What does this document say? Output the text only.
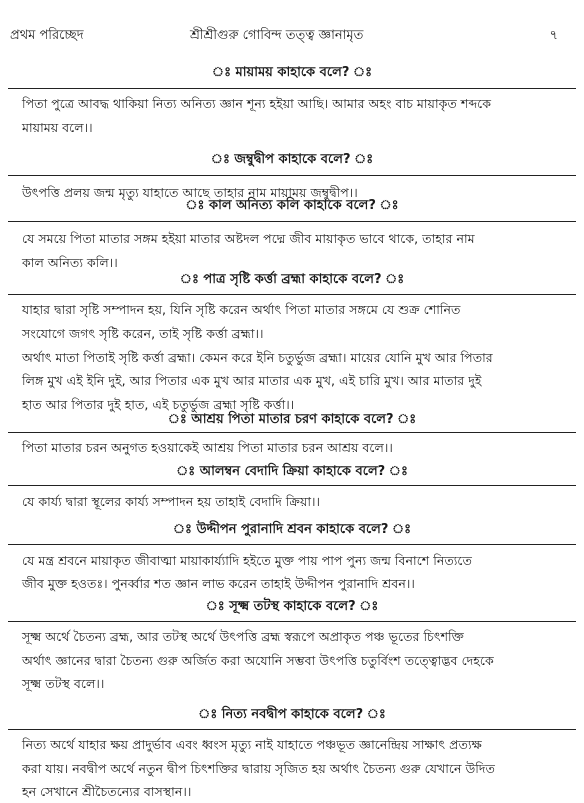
প্রথম পরিচ্ছেদ	শ্রীশ্রীগুরু গোবিন্দ তত্ত্ব জ্ঞানামৃত	৭
ঃ মায়াময় কাহাকে বলে? ঃ
পিতা পুত্রে আবদ্ধ থাকিয়া নিত্য অনিত্য জ্ঞান শূন্য হইয়া আছি। আমার অহং বাচ মায়াকৃত শব্দকে
মায়াময় বলে।।
ঃ জম্বুদ্বীপ কাহাকে বলে? ঃ
উৎপত্তি প্রলয় জন্ম মৃত্যু যাহাতে আছে তাহার নাম মায়াময় জম্বুদ্বীপ।।
ঃ কাল অনিত্য কলি কাহাকে বলে? ঃ
যে সময়ে পিতা মাতার সঙ্গম হইয়া মাতার অষ্টদল পদ্মে জীব মায়াকৃত ভাবে থাকে, তাহার নাম
কাল অনিত্য কলি।।
ঃ পাত্র সৃষ্টি কর্ত্তা ব্রহ্মা কাহাকে বলে? ঃ
যাহার দ্বারা সৃষ্টি সম্পাদন হয়, যিনি সৃষ্টি করেন অর্থাৎ পিতা মাতার সঙ্গমে যে শুক্র শোনিত
সংযোগে জগৎ সৃষ্টি করেন, তাই সৃষ্টি কর্ত্তা ব্রহ্মা।।
অর্থাৎ মাতা পিতাই সৃষ্টি কর্ত্তা ব্রহ্মা। কেমন করে ইনি চতুর্ভুজ ব্রহ্মা। মায়ের যোনি মুখ আর পিতার
লিঙ্গ মুখ এই ইনি দুই, আর পিতার এক মুখ আর মাতার এক মুখ, এই চারি মুখ। আর মাতার দুই
হাত আর পিতার দুই হাত, এই চতুর্ভুজ ব্রহ্মা সৃষ্টি কর্ত্তা।।
ঃ আশ্রয় পিতা মাতার চরণ কাহাকে বলে? ঃ
পিতা মাতার চরন অনুগত হওয়াকেই আশ্রয় পিতা মাতার চরন আশ্রয় বলে।।
ঃ আলম্বন বেদাদি ক্রিয়া কাহাকে বলে? ঃ
যে কার্য্য দ্বারা স্থূলের কার্য্য সম্পাদন হয় তাহাই বেদাদি ক্রিয়া।।
ঃ উদ্দীপন পুরানাদি শ্রবন কাহাকে বলে? ঃ
যে মন্ত্র শ্রবনে মায়াকৃত জীবাত্মা মায়াকার্য্যাদি হইতে মুক্ত পায় পাপ পুন্য জন্ম বিনাশে নিত্যতে
জীব মুক্ত হওতঃ। পুনর্ব্বার শত জ্ঞান লাভ করেন তাহাই উদ্দীপন পুরানাদি শ্রবন।।
ঃ সূক্ষ্ম তটস্থ কাহাকে বলে? ঃ
সূক্ষ্ম অর্থে চৈতন্য ব্রহ্ম, আর তটস্থ অর্থে উৎপত্তি ব্রহ্ম স্বরূপে অপ্রাকৃত পঞ্চ ভূতের চিৎশক্তি
অর্থাৎ জ্ঞানের দ্বারা চৈতন্য গুরু অর্জিত করা অযোনি সম্ভবা উৎপত্তি চতুর্বিংশ তত্ত্বোদ্ভব দেহকে
সূক্ষ্ম তটস্থ বলে।।
ঃ নিত্য নবদ্বীপ কাহাকে বলে? ঃ
নিত্য অর্থে যাহার ক্ষয় প্রাদুর্ভাব এবং ধ্বংস মৃত্যু নাই যাহাতে পঞ্চভূত জ্ঞানেন্দ্রিয় সাক্ষাৎ প্রত্যক্ষ
করা যায়। নবদ্বীপ অর্থে নতুন দ্বীপ চিৎশক্তির দ্বারায় সৃজিত হয় অর্থাৎ চৈতন্য গুরু যেখানে উদিত
হন সেখানে শ্রীচৈতন্যের বাসস্থান।।
